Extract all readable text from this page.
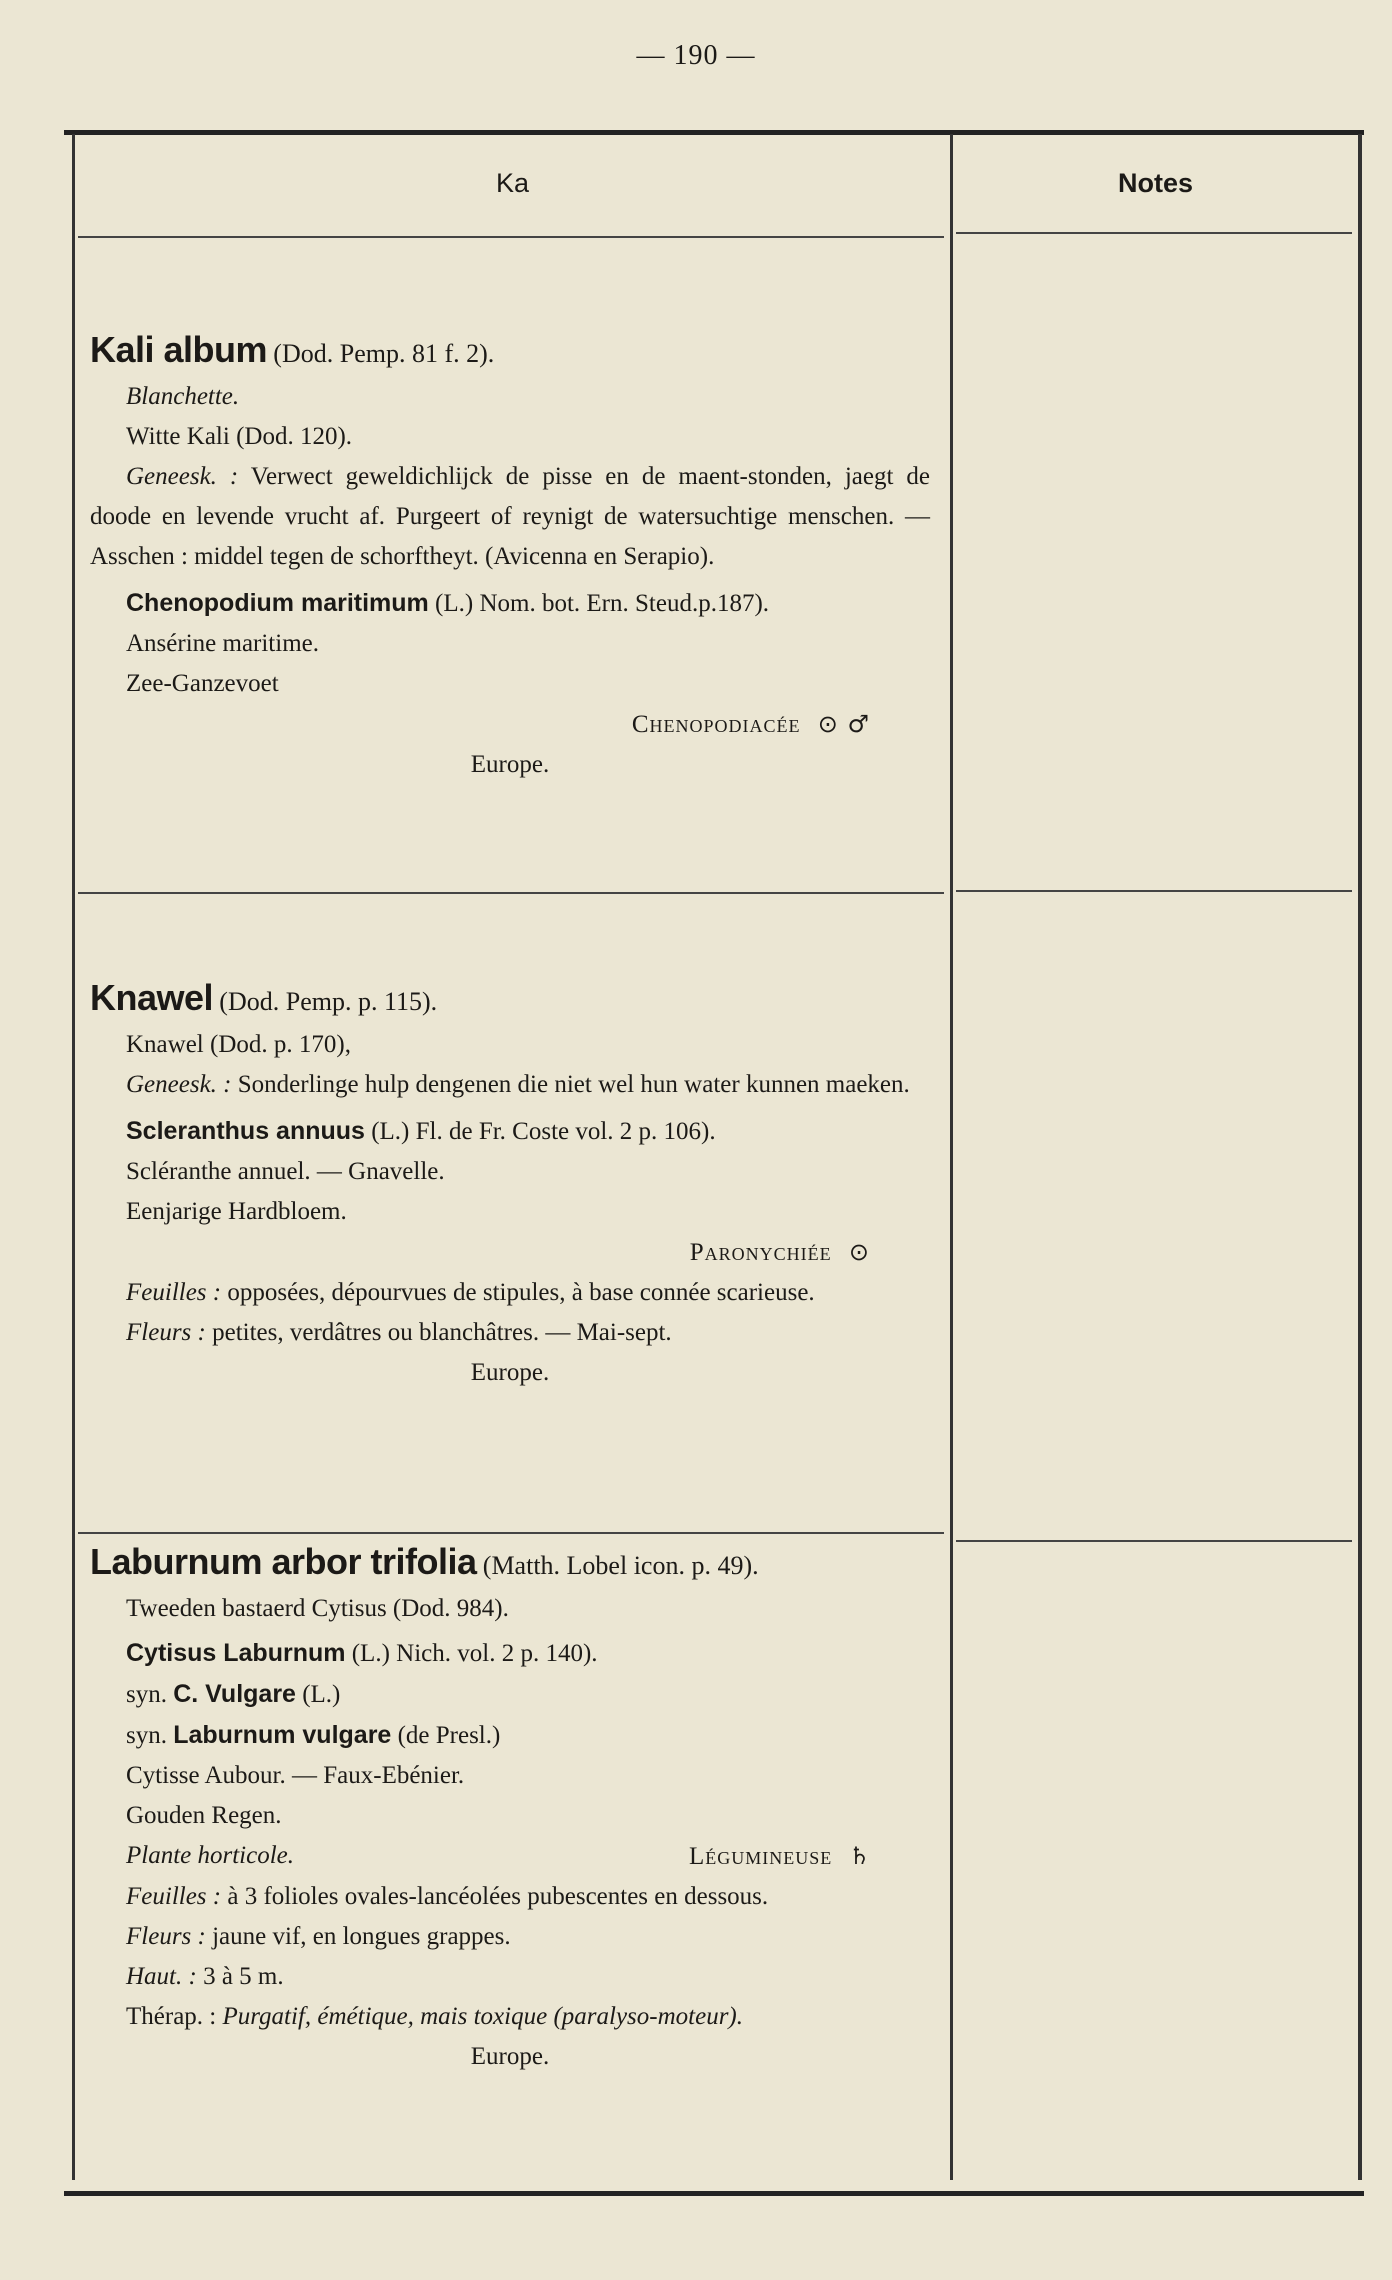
— 190 —
Ka	Notes
Kali album (Dod. Pemp. 81 f. 2).
Blanchette.
Witte Kali (Dod. 120).
Geneesk. : Verwect geweldichlijck de pisse en de maent-stonden, jaegt de doode en levende vrucht af. Purgeert of reynigt de watersuchtige menschen. — Asschen : middel tegen de schorftheyt. (Avicenna en Serapio).
Chenopodium maritimum (L.) Nom. bot. Ern. Steud.p.187).
Ansérine maritime.
Zee-Ganzevoet
Chenopodiacée ⊙ ♂
Europe.
Knawel (Dod. Pemp. p. 115).
Knawel (Dod. p. 170),
Geneesk. : Sonderlinge hulp dengenen die niet wel hun water kunnen maeken.
Scleranthus annuus (L.) Fl. de Fr. Coste vol. 2 p. 106).
Scléranthe annuel. — Gnavelle.
Eenjarige Hardbloem.
Paronychiée ⊙
Feuilles : opposées, dépourvues de stipules, à base connée scarieuse.
Fleurs : petites, verdâtres ou blanchâtres. — Mai-sept.
Europe.
Laburnum arbor trifolia (Matth. Lobel icon. p. 49).
Tweeden bastaerd Cytisus (Dod. 984).
Cytisus Laburnum (L.) Nich. vol. 2 p. 140).
syn. C. Vulgare (L.)
syn. Laburnum vulgare (de Presl.)
Cytisse Aubour. — Faux-Ebénier.
Gouden Regen.
Plante horticole.	Légumineuse ♄
Feuilles : à 3 folioles ovales-lancéolées pubescentes en dessous.
Fleurs : jaune vif, en longues grappes.
Haut. : 3 à 5 m.
Thérap. : Purgatif, émétique, mais toxique (paralyso-moteur).
Europe.
